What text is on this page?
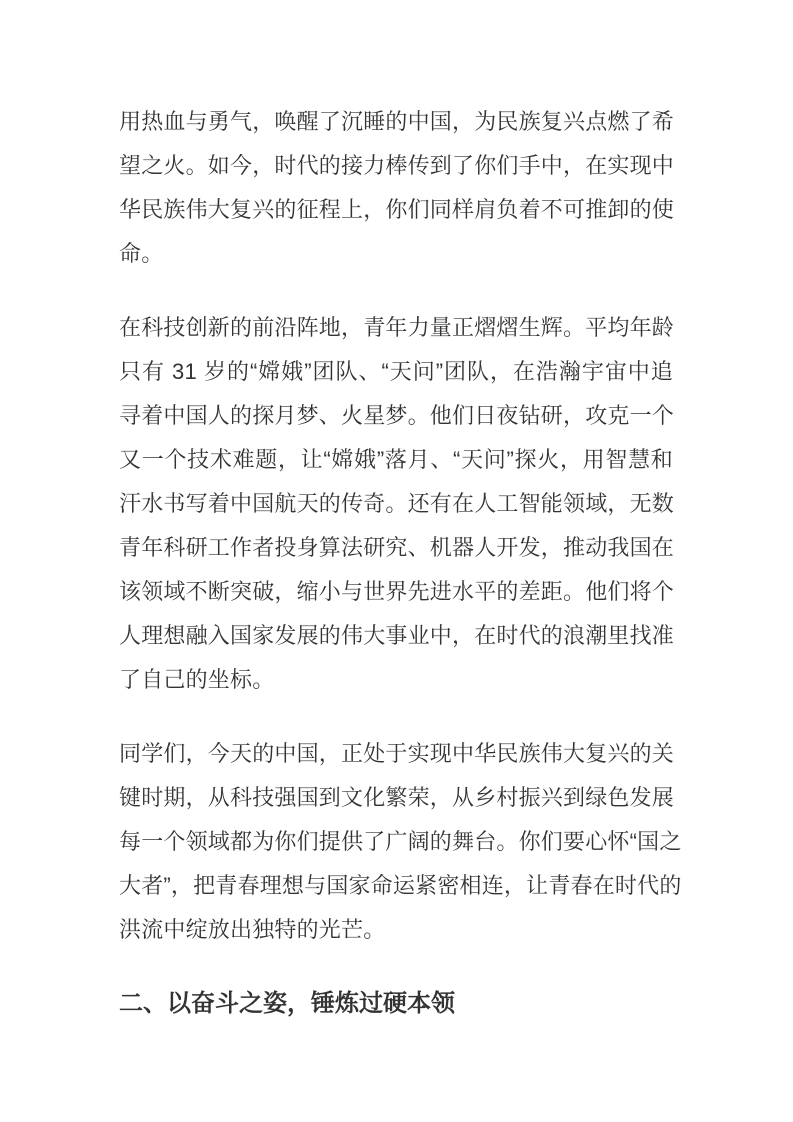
用热血与勇气，唤醒了沉睡的中国，为民族复兴点燃了希
望之火。如今，时代的接力棒传到了你们手中，在实现中
华民族伟大复兴的征程上，你们同样肩负着不可推卸的使
命。
在科技创新的前沿阵地，青年力量正熠熠生辉。平均年龄
只有 31 岁的“嫦娥”团队、“天问”团队，在浩瀚宇宙中追
寻着中国人的探月梦、火星梦。他们日夜钻研，攻克一个
又一个技术难题，让“嫦娥”落月、“天问”探火，用智慧和
汗水书写着中国航天的传奇。还有在人工智能领域，无数
青年科研工作者投身算法研究、机器人开发，推动我国在
该领域不断突破，缩小与世界先进水平的差距。他们将个
人理想融入国家发展的伟大事业中，在时代的浪潮里找准
了自己的坐标。
同学们，今天的中国，正处于实现中华民族伟大复兴的关
键时期，从科技强国到文化繁荣，从乡村振兴到绿色发展
每一个领域都为你们提供了广阔的舞台。你们要心怀“国之
大者”，把青春理想与国家命运紧密相连，让青春在时代的
洪流中绽放出独特的光芒。
二、以奋斗之姿，锤炼过硬本领
